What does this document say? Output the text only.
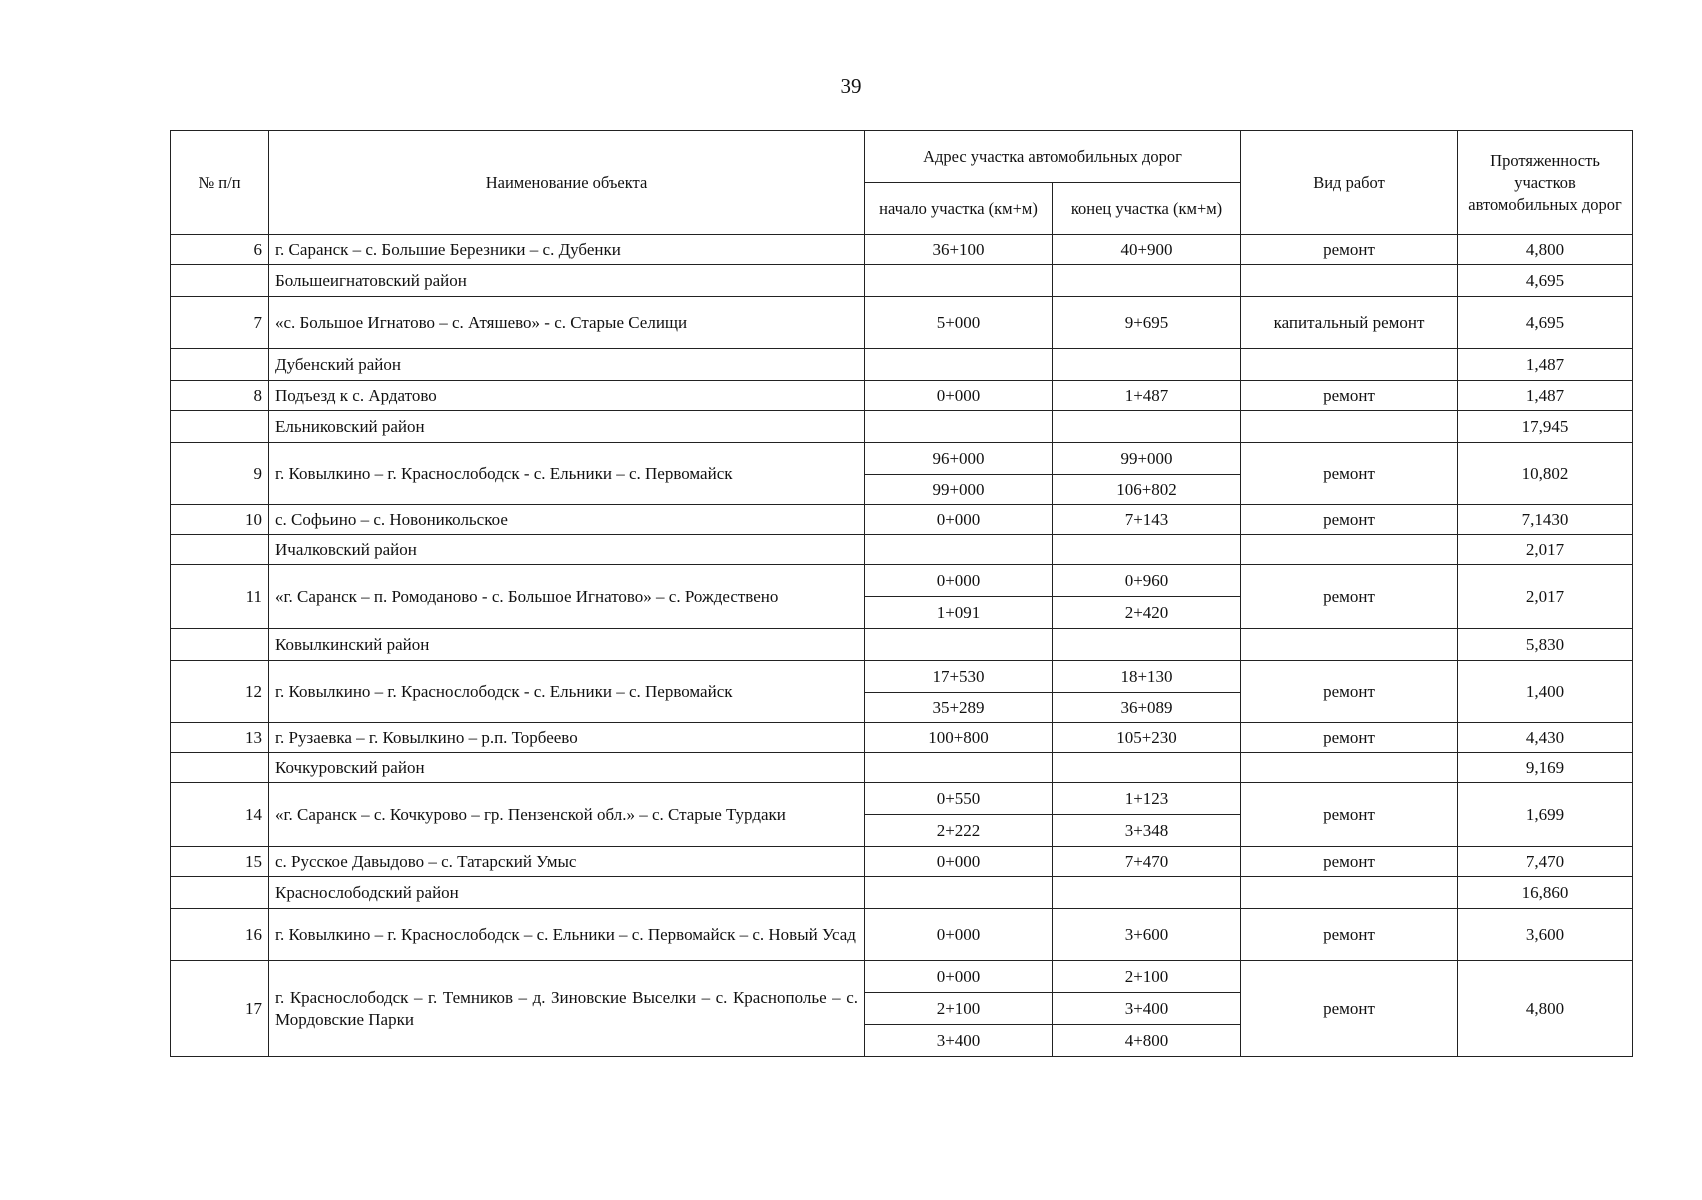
39
№ п/п	Наименование объекта	Адрес участка автомобильных дорог		Вид работ	Протяженность участков автомобильных дорог
		начало участка (км+м)	конец участка (км+м)		
6	г. Саранск – с. Большие Березники – с. Дубенки	36+100	40+900	ремонт	4,800
	Большеигнатовский район				4,695
7	«с. Большое Игнатово – с. Атяшево» - с. Старые Селищи	5+000	9+695	капитальный ремонт	4,695
	Дубенский район				1,487
8	Подъезд к с. Ардатово	0+000	1+487	ремонт	1,487
	Ельниковский район				17,945
9	г. Ковылкино – г. Краснослободск - с. Ельники – с. Первомайск	96+000	99+000	ремонт	10,802
		99+000	106+802		
10	с. Софьино – с. Новоникольское	0+000	7+143	ремонт	7,1430
	Ичалковский район				2,017
11	«г. Саранск – п. Ромоданово - с. Большое Игнатово» – с. Рождествено	0+000	0+960	ремонт	2,017
		1+091	2+420		
	Ковылкинский район				5,830
12	г. Ковылкино – г. Краснослободск - с. Ельники – с. Первомайск	17+530	18+130	ремонт	1,400
		35+289	36+089		
13	г. Рузаевка – г. Ковылкино – р.п. Торбеево	100+800	105+230	ремонт	4,430
	Кочкуровский район				9,169
14	«г. Саранск – с. Кочкурово – гр. Пензенской обл.» – с. Старые Турдаки	0+550	1+123	ремонт	1,699
		2+222	3+348		
15	с. Русское Давыдово – с. Татарский Умыс	0+000	7+470	ремонт	7,470
	Краснослободский район				16,860
16	г. Ковылкино – г. Краснослободск – с. Ельники – с. Первомайск – с. Новый Усад	0+000	3+600	ремонт	3,600
17	г. Краснослободск – г. Темников – д. Зиновские Выселки – с. Краснополье – с. Мордовские Парки	0+000	2+100	ремонт	4,800
		2+100	3+400		
		3+400	4+800		
